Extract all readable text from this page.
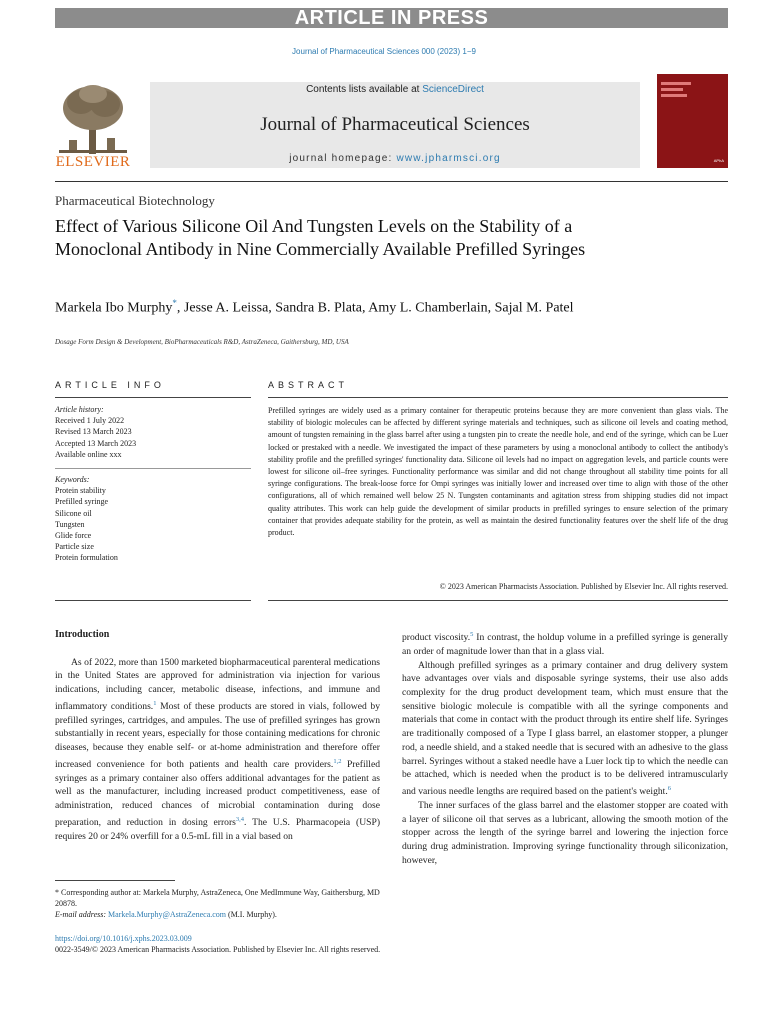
ARTICLE IN PRESS
Journal of Pharmaceutical Sciences 000 (2023) 1−9
ELSEVIER
Contents lists available at ScienceDirect
Journal of Pharmaceutical Sciences
journal homepage: www.jpharmsci.org	APhA
Pharmaceutical Biotechnology
Effect of Various Silicone Oil And Tungsten Levels on the Stability of a Monoclonal Antibody in Nine Commercially Available Prefilled Syringes
Markela Ibo Murphy*, Jesse A. Leissa, Sandra B. Plata, Amy L. Chamberlain, Sajal M. Patel
Dosage Form Design & Development, BioPharmaceuticals R&D, AstraZeneca, Gaithersburg, MD, USA
ARTICLE INFO	ABSTRACT
Article history:
Received 1 July 2022
Revised 13 March 2023
Accepted 13 March 2023
Available online xxx
Keywords:
Protein stability
Prefilled syringe
Silicone oil
Tungsten
Glide force
Particle size
Protein formulation
Prefilled syringes are widely used as a primary container for therapeutic proteins because they are more convenient than glass vials. The stability of biologic molecules can be affected by different syringe materials and techniques, such as silicone oil levels and coating method, amount of tungsten remaining in the glass barrel after using a tungsten pin to create the needle hole, and end of the syringe, which can be Luer locked or prestaked with a needle. We investigated the impact of these parameters by using a monoclonal antibody to collect the antibody's stability profile and the prefilled syringes' functionality data. Silicone oil levels had no impact on aggregation levels, and particle counts were lowest for silicone oil–free syringes. Functionality performance was similar and did not change throughout all stability time points for all syringe configurations. The break-loose force for Ompi syringes was initially lower and increased over time to align with those of the other configurations, all of which remained well below 25 N. Tungsten contaminants and agitation stress from shipping studies did not impact quality attributes. This work can help guide the development of similar products in prefilled syringes to ensure selection of the primary container that provides adequate stability for the protein, as well as maintain the desired functionality features over the shelf life of the drug product.
© 2023 American Pharmacists Association. Published by Elsevier Inc. All rights reserved.
Introduction

As of 2022, more than 1500 marketed biopharmaceutical parenteral medications in the United States are approved for administration via injection for various indications, including cancer, metabolic disease, infections, and immune and inflammatory conditions.$^1$ Most of these products are stored in vials, followed by prefilled syringes, cartridges, and ampules. The use of prefilled syringes has grown substantially in recent years, especially for those containing medications for chronic diseases, because they enable self- or at-home administration and therefore offer increased convenience for both patients and health care providers.$^{1,2}$ Prefilled syringes as a primary container also offers additional advantages for the patient as well as the manufacturer, including increased product competitiveness, ease of administration, reduced chances of microbial contamination during dose preparation, and reduction in dosing errors$^{3,4}$. The U.S. Pharmacopeia (USP) requires 20 or 24% overfill for a 0.5-mL fill in a vial based on

product viscosity.$^5$ In contrast, the holdup volume in a prefilled syringe is generally an order of magnitude lower than that in a glass vial.

Although prefilled syringes as a primary container and drug delivery system have advantages over vials and disposable syringe systems, their use also adds complexity for the drug product development team, which must ensure that the sensitive biologic molecule is compatible with all the syringe components and materials that come in contact with the product through its entire shelf life. Syringes are traditionally composed of a Type I glass barrel, an elastomer stopper, a plunger rod, a needle shield, and a staked needle that is secured with an adhesive to the glass barrel. Syringes without a staked needle have a Luer lock tip to which the needle can be attached, which is needed when the product is to be delivered intramuscularly and various needle lengths are required based on the patient's weight.$^6$

The inner surfaces of the glass barrel and the elastomer stopper are coated with a layer of silicone oil that serves as a lubricant, allowing the smooth motion of the stopper across the length of the syringe barrel and lowering the injection force during drug administration. Improving syringe functionality through siliconization, however,

* Corresponding author at: Markela Murphy, AstraZeneca, One MedImmune Way, Gaithersburg, MD 20878.
E-mail address: Markela.Murphy@AstraZeneca.com (M.I. Murphy).
https://doi.org/10.1016/j.xphs.2023.03.009
0022-3549/© 2023 American Pharmacists Association. Published by Elsevier Inc. All rights reserved.
